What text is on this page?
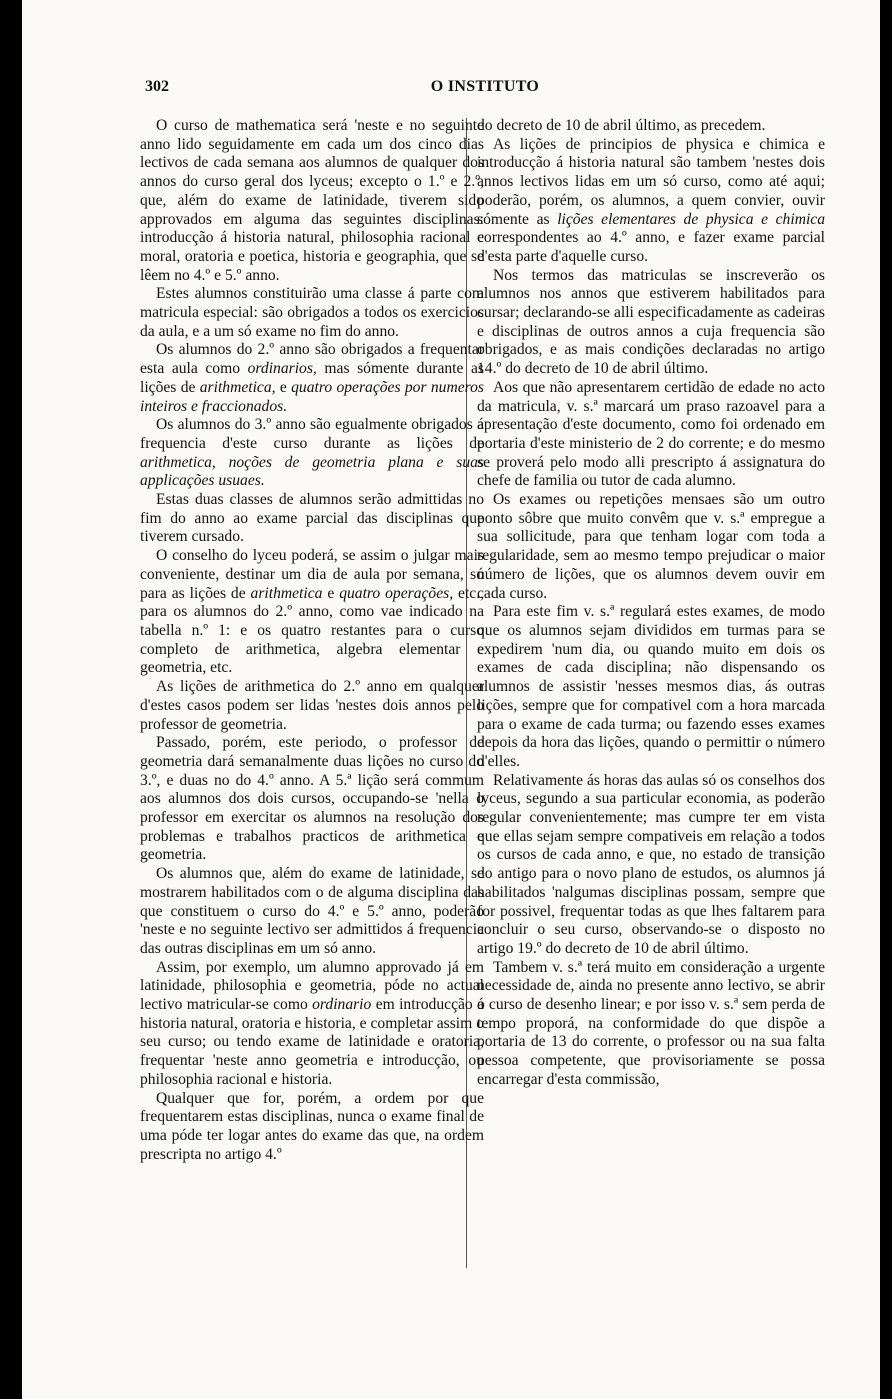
302	O INSTITUTO

O curso de mathematica será 'neste e no seguinte anno lido seguidamente em cada um dos cinco dias lectivos de cada semana aos alumnos de qualquer dos annos do curso geral dos lyceus; excepto o 1.º e 2.º, que, além do exame de latinidade, tiverem sido approvados em alguma das seguintes disciplinas: introducção á historia natural, philosophia racional e moral, oratoria e poetica, historia e geographia, que se lêem no 4.º e 5.º anno.

Estes alumnos constituirão uma classe á parte com matricula especial: são obrigados a todos os exercicios da aula, e a um só exame no fim do anno.

Os alumnos do 2.º anno são obrigados a frequentar esta aula como ordinarios, mas sómente durante as lições de arithmetica, e quatro operações por numeros inteiros e fraccionados.

Os alumnos do 3.º anno são egualmente obrigados á frequencia d'este curso durante as lições de arithmetica, noções de geometria plana e suas applicações usuaes.

Estas duas classes de alumnos serão admittidas no fim do anno ao exame parcial das disciplinas que tiverem cursado.

O conselho do lyceu poderá, se assim o julgar mais conveniente, destinar um dia de aula por semana, só para as lições de arithmetica e quatro operações, etc., para os alumnos do 2.º anno, como vae indicado na tabella n.º 1: e os quatro restantes para o curso completo de arithmetica, algebra elementar e geometria, etc.

As lições de arithmetica do 2.º anno em qualquer d'estes casos podem ser lidas 'nestes dois annos pelo professor de geometria.

Passado, porém, este periodo, o professor de geometria dará semanalmente duas lições no curso do 3.º, e duas no do 4.º anno. A 5.ª lição será commum aos alumnos dos dois cursos, occupando-se 'nella o professor em exercitar os alumnos na resolução dos problemas e trabalhos practicos de arithmetica e geometria.

Os alumnos que, além do exame de latinidade, se mostrarem habilitados com o de alguma disciplina das que constituem o curso do 4.º e 5.º anno, poderão 'neste e no seguinte lectivo ser admittidos á frequencia das outras disciplinas em um só anno.

Assim, por exemplo, um alumno approvado já em latinidade, philosophia e geometria, póde no actual lectivo matricular-se como ordinario em introducção á historia natural, oratoria e historia, e completar assim o seu curso; ou tendo exame de latinidade e oratoria, frequentar 'neste anno geometria e introducção, ou philosophia racional e historia.

Qualquer que for, porém, a ordem por que frequentarem estas disciplinas, nunca o exame final de uma póde ter logar antes do exame das que, na ordem prescripta no artigo 4.º

do decreto de 10 de abril último, as precedem.

As lições de principios de physica e chimica e introducção á historia natural são tambem 'nestes dois annos lectivos lidas em um só curso, como até aqui; poderão, porém, os alumnos, a quem convier, ouvir sómente as lições elementares de physica e chimica correspondentes ao 4.º anno, e fazer exame parcial d'esta parte d'aquelle curso.

Nos termos das matriculas se inscreverão os alumnos nos annos que estiverem habilitados para cursar; declarando-se alli especificadamente as cadeiras e disciplinas de outros annos a cuja frequencia são obrigados, e as mais condições declaradas no artigo 14.º do decreto de 10 de abril último.

Aos que não apresentarem certidão de edade no acto da matricula, v. s.ª marcará um praso razoavel para a apresentação d'este documento, como foi ordenado em portaria d'este ministerio de 2 do corrente; e do mesmo se proverá pelo modo alli prescripto á assignatura do chefe de familia ou tutor de cada alumno.

Os exames ou repetições mensaes são um outro ponto sôbre que muito convêm que v. s.ª empregue a sua sollicitude, para que tenham logar com toda a regularidade, sem ao mesmo tempo prejudicar o maior número de lições, que os alumnos devem ouvir em cada curso.

Para este fim v. s.ª regulará estes exames, de modo que os alumnos sejam divididos em turmas para se expedirem 'num dia, ou quando muito em dois os exames de cada disciplina; não dispensando os alumnos de assistir 'nesses mesmos dias, ás outras lições, sempre que for compativel com a hora marcada para o exame de cada turma; ou fazendo esses exames depois da hora das lições, quando o permittir o número d'elles.

Relativamente ás horas das aulas só os conselhos dos lyceus, segundo a sua particular economia, as poderão regular convenientemente; mas cumpre ter em vista que ellas sejam sempre compativeis em relação a todos os cursos de cada anno, e que, no estado de transição do antigo para o novo plano de estudos, os alumnos já habilitados 'nalgumas disciplinas possam, sempre que for possivel, frequentar todas as que lhes faltarem para concluir o seu curso, observando-se o disposto no artigo 19.º do decreto de 10 de abril último.

Tambem v. s.ª terá muito em consideração a urgente necessidade de, ainda no presente anno lectivo, se abrir o curso de desenho linear; e por isso v. s.ª sem perda de tempo proporá, na conformidade do que dispõe a portaria de 13 do corrente, o professor ou na sua falta pessoa competente, que provisoriamente se possa encarregar d'esta commissão,
